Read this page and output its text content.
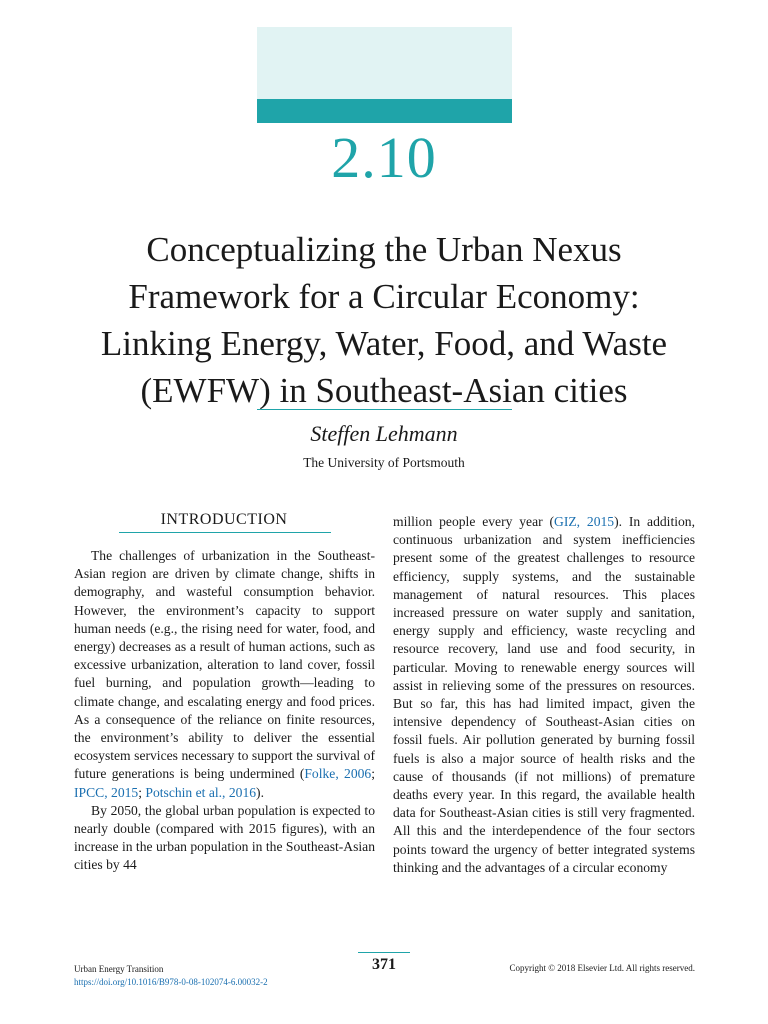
2.10
Conceptualizing the Urban Nexus
Framework for a Circular Economy:
Linking Energy, Water, Food, and Waste
(EWFW) in Southeast-Asian cities
Steffen Lehmann
The University of Portsmouth
INTRODUCTION

The challenges of urbanization in the Southeast-Asian region are driven by climate change, shifts in demography, and wasteful consumption behavior. However, the environment’s capacity to support human needs (e.g., the rising need for water, food, and energy) decreases as a result of human actions, such as excessive urbanization, alteration to land cover, fossil fuel burning, and population growth—leading to climate change, and escalating energy and food prices. As a consequence of the reliance on finite resources, the environment’s ability to deliver the essential ecosystem services necessary to support the survival of future generations is being undermined (Folke, 2006; IPCC, 2015; Potschin et al., 2016).

By 2050, the global urban population is expected to nearly double (compared with 2015 figures), with an increase in the urban population in the Southeast-Asian cities by 44

million people every year (GIZ, 2015). In addition, continuous urbanization and system inefficiencies present some of the greatest challenges to resource efficiency, supply systems, and the sustainable management of natural resources. This places increased pressure on water supply and sanitation, energy supply and efficiency, waste recycling and resource recovery, land use and food security, in particular. Moving to renewable energy sources will assist in relieving some of the pressures on resources. But so far, this has had limited impact, given the intensive dependency of Southeast-Asian cities on fossil fuels. Air pollution generated by burning fossil fuels is also a major source of health risks and the cause of thousands (if not millions) of premature deaths every year. In this regard, the available health data for Southeast-Asian cities is still very fragmented. All this and the interdependence of the four sectors points toward the urgency of better integrated systems thinking and the advantages of a circular economy

Urban Energy Transition
https://doi.org/10.1016/B978-0-08-102074-6.00032-2
371	Copyright © 2018 Elsevier Ltd. All rights reserved.
